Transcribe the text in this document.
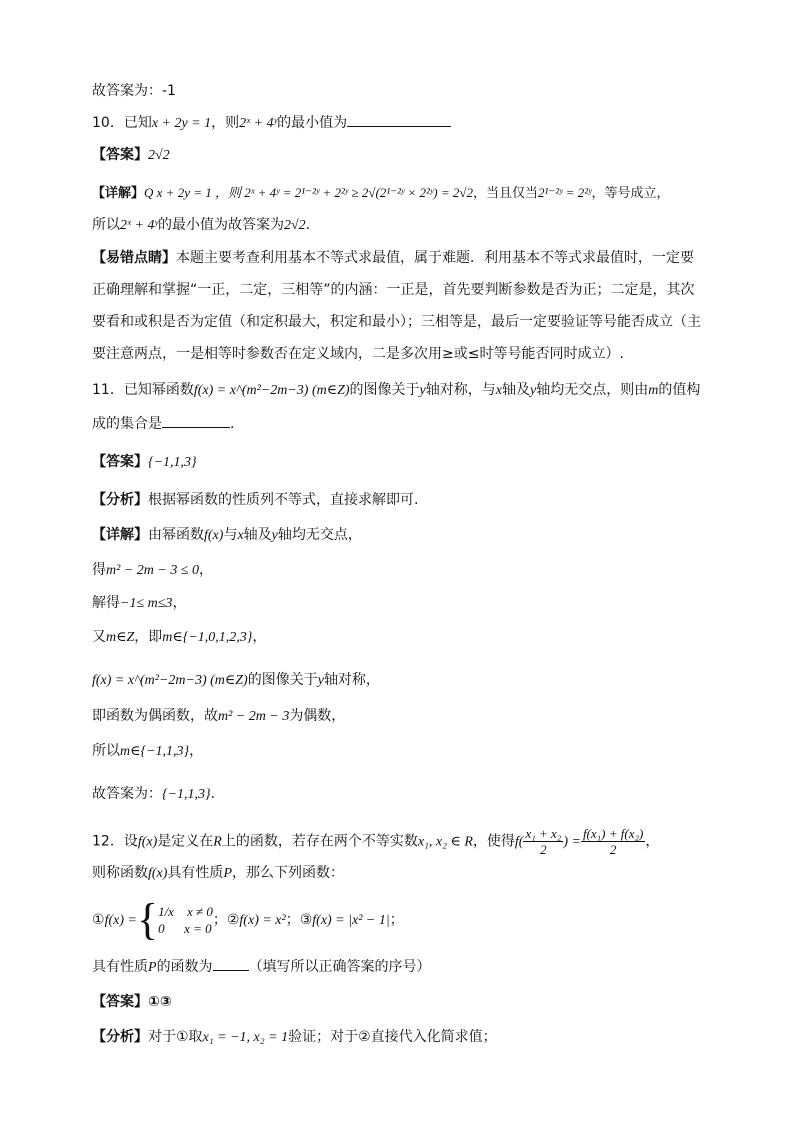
故答案为：-1
10．已知x + 2y = 1，则2ˣ + 4ʸ的最小值为
【答案】2√2
【详解】Q x + 2y = 1 ，则 2ˣ + 4ʸ = 2¹⁻²ʸ + 2²ʸ ≥ 2√(2¹⁻²ʸ × 2²ʸ) = 2√2，当且仅当2¹⁻²ʸ = 2²ʸ，等号成立，
所以2ˣ + 4ʸ的最小值为故答案为2√2.
【易错点睛】本题主要考查利用基本不等式求最值，属于难题．利用基本不等式求最值时，一定要
正确理解和掌握“一正，二定，三相等”的内涵：一正是，首先要判断参数是否为正；二定是，其次
要看和或积是否为定值（和定积最大，积定和最小）；三相等是，最后一定要验证等号能否成立（主
要注意两点，一是相等时参数否在定义域内，二是多次用≥或≤时等号能否同时成立）.
11．已知幂函数f(x) = x^(m²−2m−3) (m∈Z)的图像关于y轴对称，与x轴及y轴均无交点，则由m的值构
成的集合是	.
【答案】{−1,1,3}
【分析】根据幂函数的性质列不等式，直接求解即可.
【详解】由幂函数f(x)与x轴及y轴均无交点，
得m² − 2m − 3 ≤ 0，
解得−1≤ m≤3，
又m∈Z，即m∈{−1,0,1,2,3}，
f(x) = x^(m²−2m−3) (m∈Z)的图像关于y轴对称，
即函数为偶函数，故m² − 2m − 3为偶数，
所以m∈{−1,1,3}，
故答案为：{−1,1,3}.
12．设f(x)是定义在R上的函数，若存在两个不等实数x₁, x₂ ∈ R，使得$f( \frac{\text{x₁ + x₂}}{2}$ ) = $\frac{\text{f(x₁) + f(x₂)}}{2}$ ，
则称函数f(x)具有性质P，那么下列函数：
①f(x) ={ 1/x    x ≠ 0
0      x = 0
；②f(x) = x²；③f(x) = |x² − 1|；
具有性质P的函数为	（填写所以正确答案的序号）
【答案】①③
【分析】对于①取x₁ = −1, x₂ = 1验证；对于②直接代入化简求值；
